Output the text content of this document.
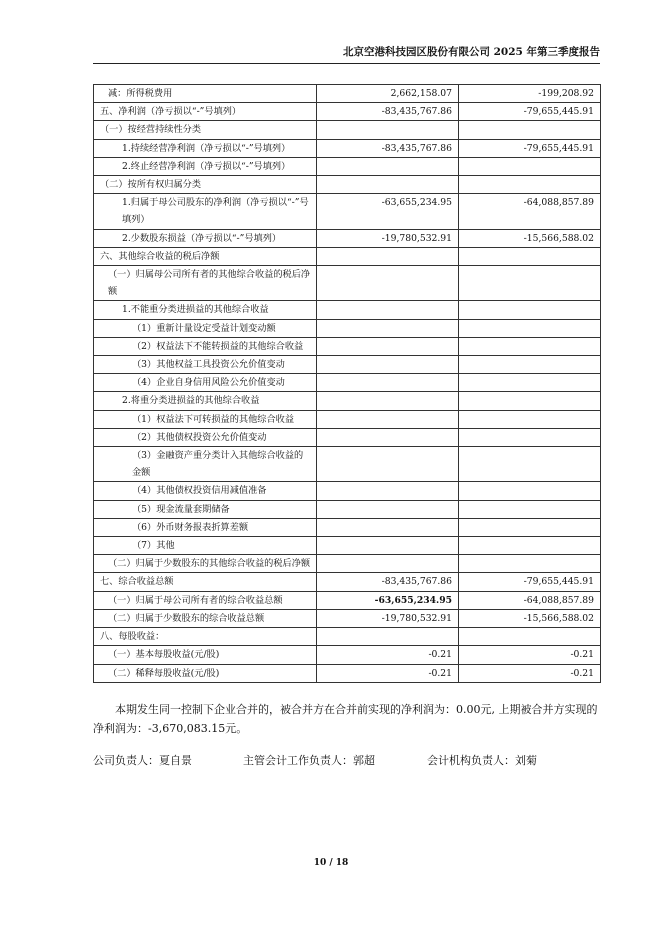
北京空港科技园区股份有限公司 2025 年第三季度报告
减：所得税费用	2,662,158.07	-199,208.92
五、净利润（净亏损以“-”号填列）	-83,435,767.86	-79,655,445.91
（一）按经营持续性分类		
1.持续经营净利润（净亏损以“-”号填列）	-83,435,767.86	-79,655,445.91
2.终止经营净利润（净亏损以“-”号填列）		
（二）按所有权归属分类		
1.归属于母公司股东的净利润（净亏损以“-”号填列）	-63,655,234.95	-64,088,857.89
2.少数股东损益（净亏损以“-”号填列）	-19,780,532.91	-15,566,588.02
六、其他综合收益的税后净额		
（一）归属母公司所有者的其他综合收益的税后净额		
1.不能重分类进损益的其他综合收益		
（1）重新计量设定受益计划变动额		
（2）权益法下不能转损益的其他综合收益		
（3）其他权益工具投资公允价值变动		
（4）企业自身信用风险公允价值变动		
2.将重分类进损益的其他综合收益		
（1）权益法下可转损益的其他综合收益		
（2）其他债权投资公允价值变动		
（3）金融资产重分类计入其他综合收益的金额		
（4）其他债权投资信用减值准备		
（5）现金流量套期储备		
（6）外币财务报表折算差额		
（7）其他		
（二）归属于少数股东的其他综合收益的税后净额		
七、综合收益总额	-83,435,767.86	-79,655,445.91
（一）归属于母公司所有者的综合收益总额	-63,655,234.95	-64,088,857.89
（二）归属于少数股东的综合收益总额	-19,780,532.91	-15,566,588.02
八、每股收益：		
（一）基本每股收益(元/股)	-0.21	-0.21
（二）稀释每股收益(元/股)	-0.21	-0.21
本期发生同一控制下企业合并的，被合并方在合并前实现的净利润为：0.00元, 上期被合并方实现的净利润为：-3,670,083.15元。
公司负责人：夏自景	主管会计工作负责人：郭超	会计机构负责人：刘菊
10 / 18
